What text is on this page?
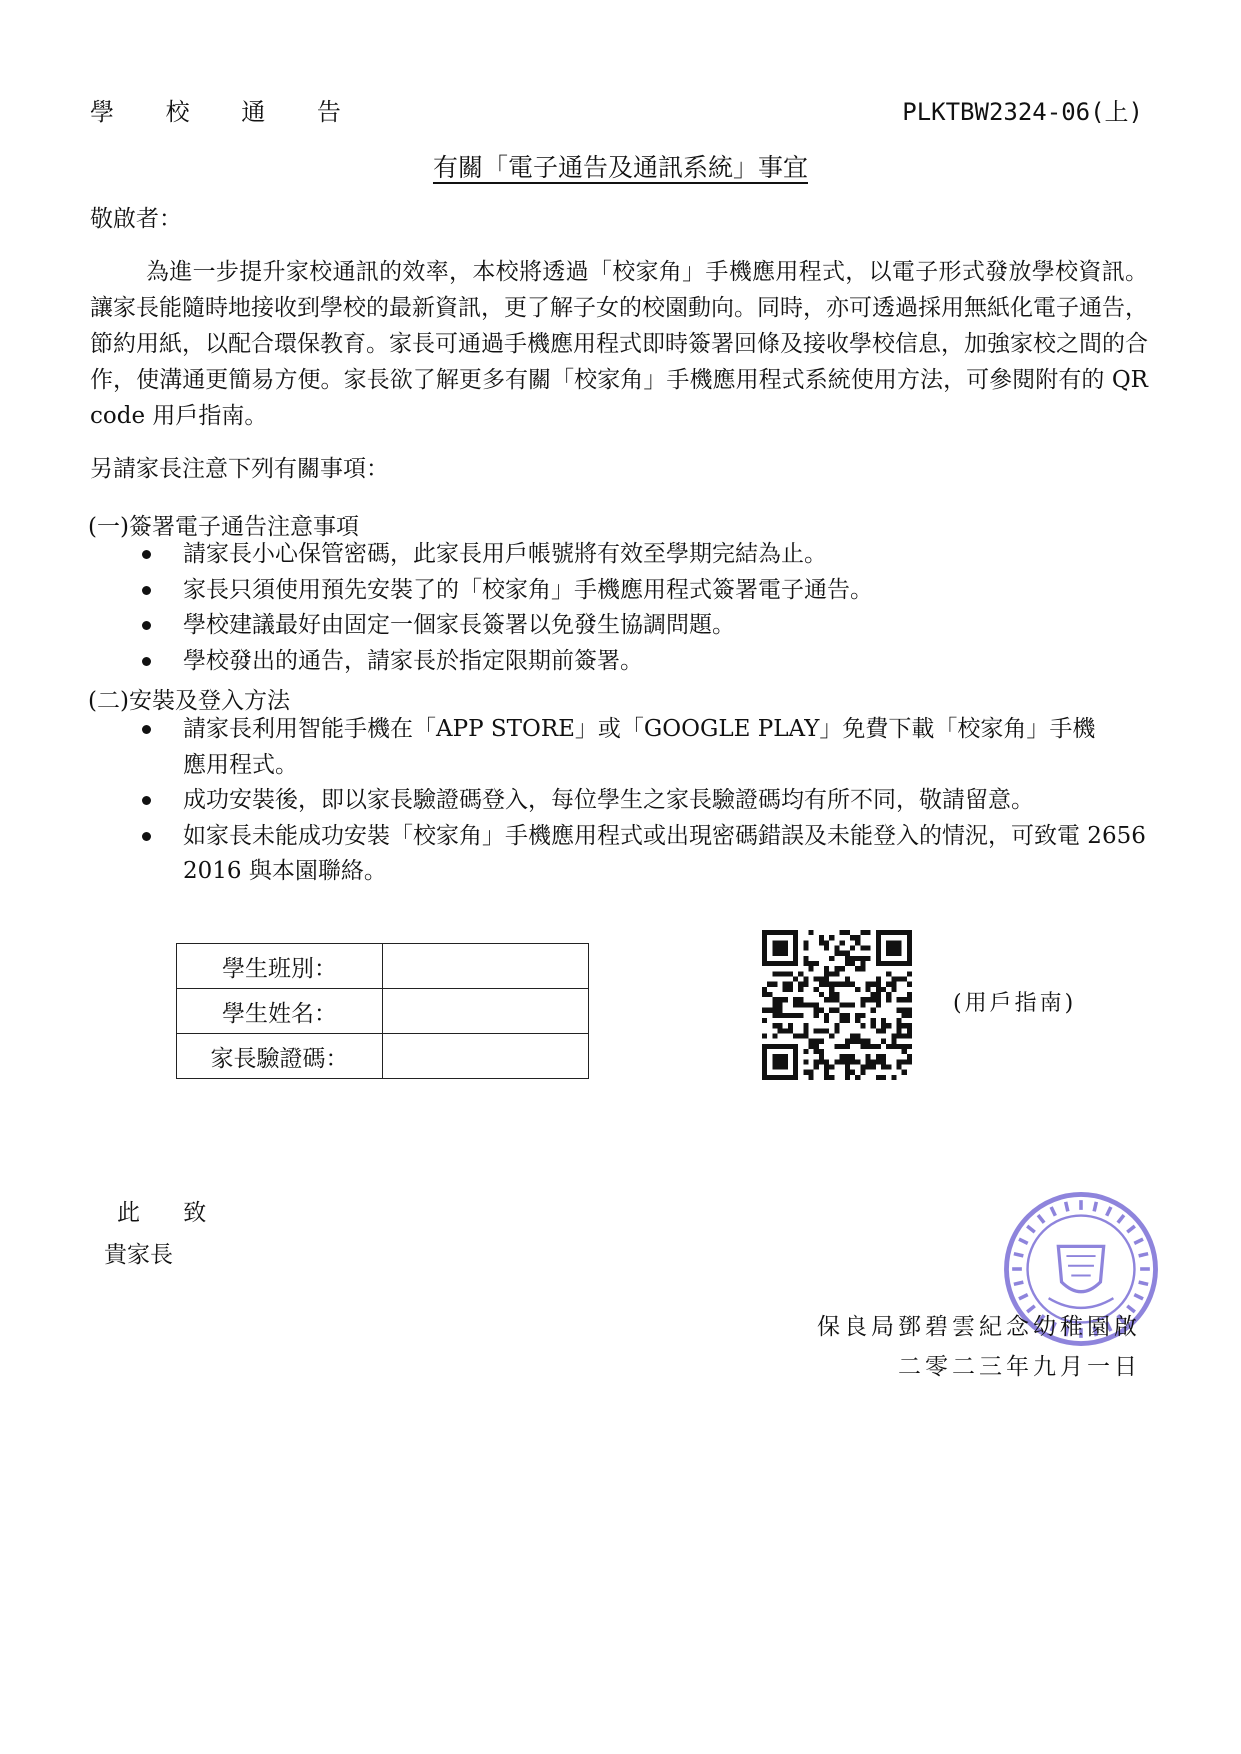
學 校 通 告	PLKTBW2324-06(上)
有關「電子通告及通訊系統」事宜
敬啟者：
為進一步提升家校通訊的效率，本校將透過「校家角」手機應用程式，以電子形式發放學校資訊。讓家長能隨時地接收到學校的最新資訊，更了解子女的校園動向。同時，亦可透過採用無紙化電子通告，節約用紙，以配合環保教育。家長可通過手機應用程式即時簽署回條及接收學校信息，加強家校之間的合作，使溝通更簡易方便。家長欲了解更多有關「校家角」手機應用程式系統使用方法，可參閱附有的 QR code 用戶指南。
另請家長注意下列有關事項：
(一)簽署電子通告注意事項
請家長小心保管密碼，此家長用戶帳號將有效至學期完結為止。
家長只須使用預先安裝了的「校家角」手機應用程式簽署電子通告。
學校建議最好由固定一個家長簽署以免發生協調問題。
學校發出的通告，請家長於指定限期前簽署。
(二)安裝及登入方法
請家長利用智能手機在「APP STORE」或「GOOGLE PLAY」免費下載「校家角」手機應用程式。
成功安裝後，即以家長驗證碼登入，每位學生之家長驗證碼均有所不同，敬請留意。
如家長未能成功安裝「校家角」手機應用程式或出現密碼錯誤及未能登入的情況，可致電 2656 2016 與本園聯絡。
學生班別：	
學生姓名：	
家長驗證碼：	
(用戶指南)
此 致
貴家長
保良局鄧碧雲紀念幼稚園啟
二零二三年九月一日
